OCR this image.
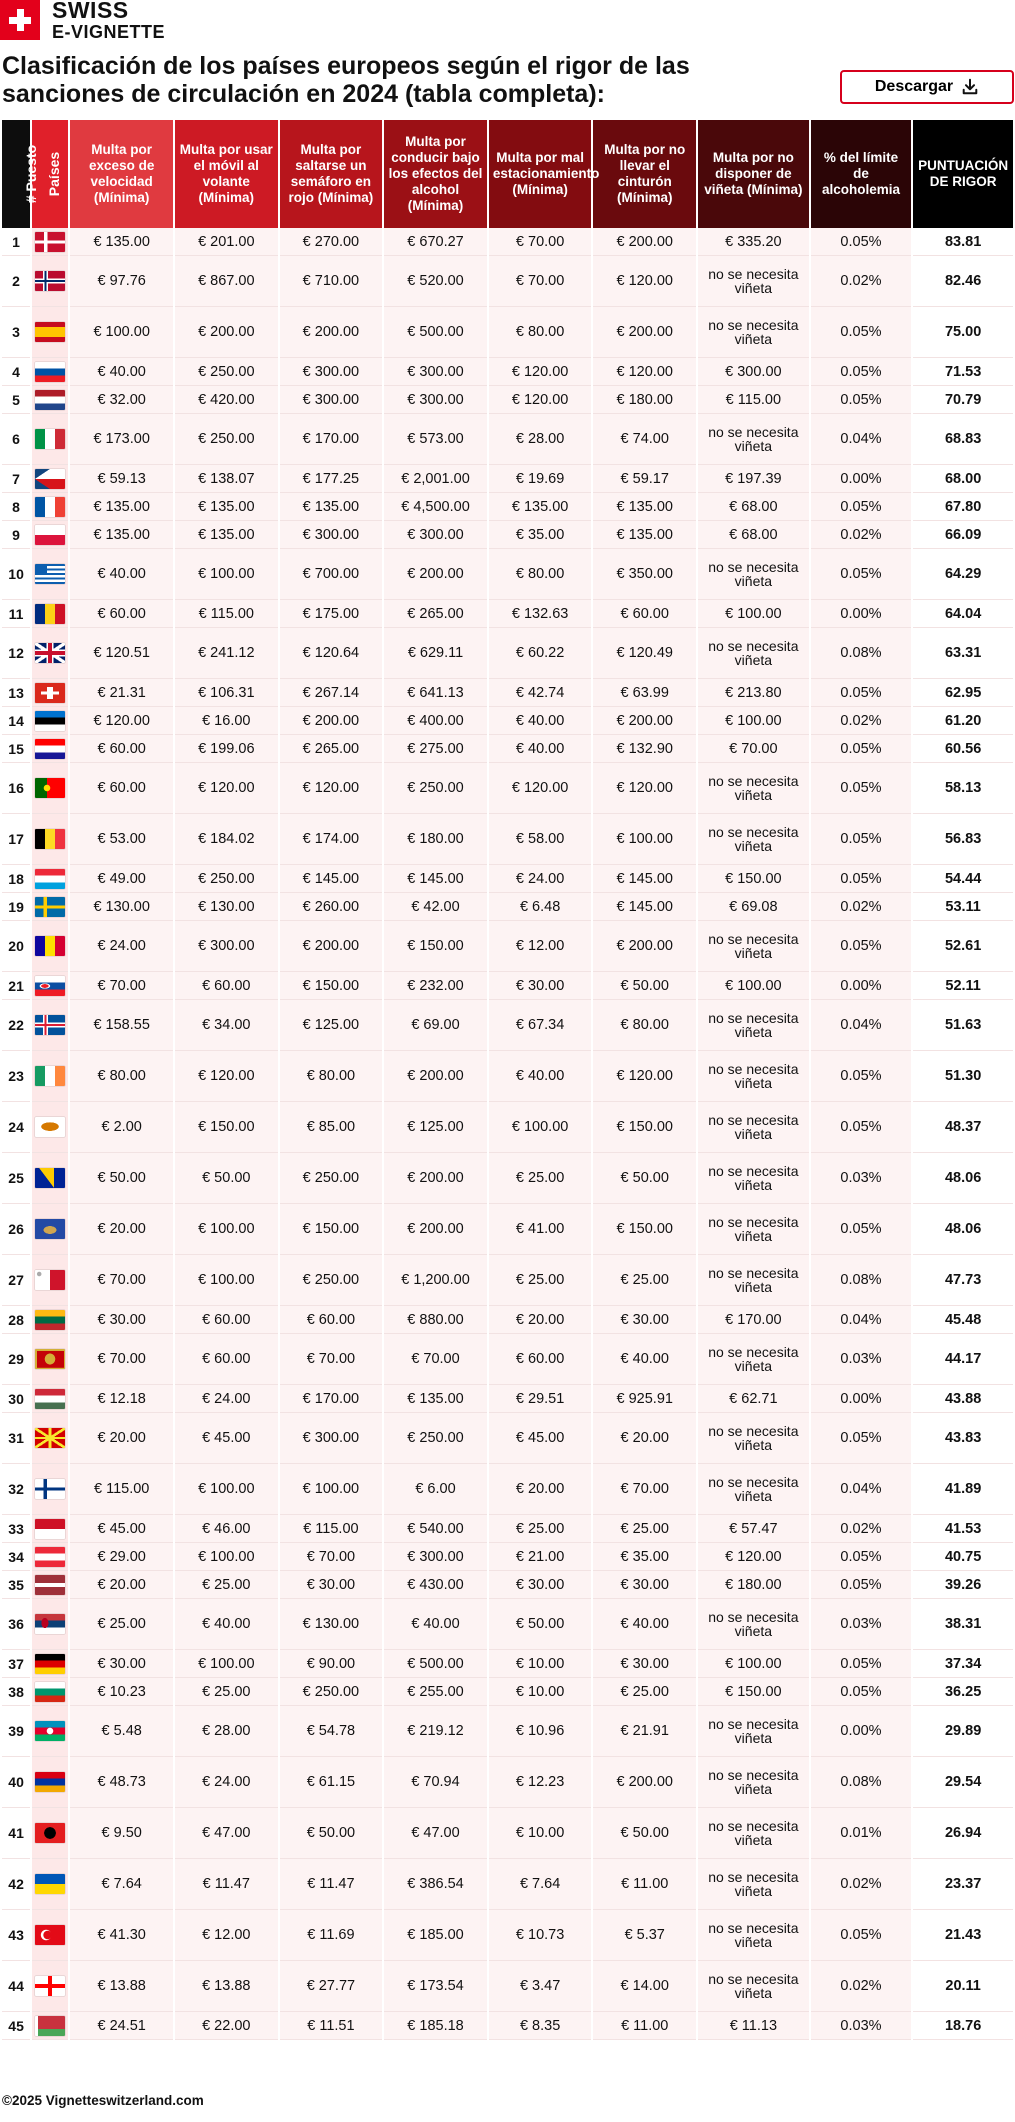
SWISS
E-VIGNETTE
Clasificación de los países europeos según el rigor de las sanciones de circulación en 2024 (tabla completa):	Descargar
# Puesto	Países	Multa por exceso de velocidad (Mínima)	Multa por usar el móvil al volante (Mínima)	Multa por saltarse un semáforo en rojo (Mínima)	Multa por conducir bajo los efectos del alcohol (Mínima)	Multa por mal estacionamiento (Mínima)	Multa por no llevar el cinturón (Mínima)	Multa por no disponer de viñeta (Mínima)	% del límite de alcoholemia	PUNTUACIÓN DE RIGOR
1		€ 135.00	€ 201.00	€ 270.00	€ 670.27	€ 70.00	€ 200.00	€ 335.20	0.05%	83.81
2		€ 97.76	€ 867.00	€ 710.00	€ 520.00	€ 70.00	€ 120.00	no se necesita viñeta	0.02%	82.46
3		€ 100.00	€ 200.00	€ 200.00	€ 500.00	€ 80.00	€ 200.00	no se necesita viñeta	0.05%	75.00
4		€ 40.00	€ 250.00	€ 300.00	€ 300.00	€ 120.00	€ 120.00	€ 300.00	0.05%	71.53
5		€ 32.00	€ 420.00	€ 300.00	€ 300.00	€ 120.00	€ 180.00	€ 115.00	0.05%	70.79
6		€ 173.00	€ 250.00	€ 170.00	€ 573.00	€ 28.00	€ 74.00	no se necesita viñeta	0.04%	68.83
7		€ 59.13	€ 138.07	€ 177.25	€ 2,001.00	€ 19.69	€ 59.17	€ 197.39	0.00%	68.00
8		€ 135.00	€ 135.00	€ 135.00	€ 4,500.00	€ 135.00	€ 135.00	€ 68.00	0.05%	67.80
9		€ 135.00	€ 135.00	€ 300.00	€ 300.00	€ 35.00	€ 135.00	€ 68.00	0.02%	66.09
10		€ 40.00	€ 100.00	€ 700.00	€ 200.00	€ 80.00	€ 350.00	no se necesita viñeta	0.05%	64.29
11		€ 60.00	€ 115.00	€ 175.00	€ 265.00	€ 132.63	€ 60.00	€ 100.00	0.00%	64.04
12		€ 120.51	€ 241.12	€ 120.64	€ 629.11	€ 60.22	€ 120.49	no se necesita viñeta	0.08%	63.31
13		€ 21.31	€ 106.31	€ 267.14	€ 641.13	€ 42.74	€ 63.99	€ 213.80	0.05%	62.95
14		€ 120.00	€ 16.00	€ 200.00	€ 400.00	€ 40.00	€ 200.00	€ 100.00	0.02%	61.20
15		€ 60.00	€ 199.06	€ 265.00	€ 275.00	€ 40.00	€ 132.90	€ 70.00	0.05%	60.56
16		€ 60.00	€ 120.00	€ 120.00	€ 250.00	€ 120.00	€ 120.00	no se necesita viñeta	0.05%	58.13
17		€ 53.00	€ 184.02	€ 174.00	€ 180.00	€ 58.00	€ 100.00	no se necesita viñeta	0.05%	56.83
18		€ 49.00	€ 250.00	€ 145.00	€ 145.00	€ 24.00	€ 145.00	€ 150.00	0.05%	54.44
19		€ 130.00	€ 130.00	€ 260.00	€ 42.00	€ 6.48	€ 145.00	€ 69.08	0.02%	53.11
20		€ 24.00	€ 300.00	€ 200.00	€ 150.00	€ 12.00	€ 200.00	no se necesita viñeta	0.05%	52.61
21		€ 70.00	€ 60.00	€ 150.00	€ 232.00	€ 30.00	€ 50.00	€ 100.00	0.00%	52.11
22		€ 158.55	€ 34.00	€ 125.00	€ 69.00	€ 67.34	€ 80.00	no se necesita viñeta	0.04%	51.63
23		€ 80.00	€ 120.00	€ 80.00	€ 200.00	€ 40.00	€ 120.00	no se necesita viñeta	0.05%	51.30
24		€ 2.00	€ 150.00	€ 85.00	€ 125.00	€ 100.00	€ 150.00	no se necesita viñeta	0.05%	48.37
25		€ 50.00	€ 50.00	€ 250.00	€ 200.00	€ 25.00	€ 50.00	no se necesita viñeta	0.03%	48.06
26		€ 20.00	€ 100.00	€ 150.00	€ 200.00	€ 41.00	€ 150.00	no se necesita viñeta	0.05%	48.06
27		€ 70.00	€ 100.00	€ 250.00	€ 1,200.00	€ 25.00	€ 25.00	no se necesita viñeta	0.08%	47.73
28		€ 30.00	€ 60.00	€ 60.00	€ 880.00	€ 20.00	€ 30.00	€ 170.00	0.04%	45.48
29		€ 70.00	€ 60.00	€ 70.00	€ 70.00	€ 60.00	€ 40.00	no se necesita viñeta	0.03%	44.17
30		€ 12.18	€ 24.00	€ 170.00	€ 135.00	€ 29.51	€ 925.91	€ 62.71	0.00%	43.88
31		€ 20.00	€ 45.00	€ 300.00	€ 250.00	€ 45.00	€ 20.00	no se necesita viñeta	0.05%	43.83
32		€ 115.00	€ 100.00	€ 100.00	€ 6.00	€ 20.00	€ 70.00	no se necesita viñeta	0.04%	41.89
33		€ 45.00	€ 46.00	€ 115.00	€ 540.00	€ 25.00	€ 25.00	€ 57.47	0.02%	41.53
34		€ 29.00	€ 100.00	€ 70.00	€ 300.00	€ 21.00	€ 35.00	€ 120.00	0.05%	40.75
35		€ 20.00	€ 25.00	€ 30.00	€ 430.00	€ 30.00	€ 30.00	€ 180.00	0.05%	39.26
36		€ 25.00	€ 40.00	€ 130.00	€ 40.00	€ 50.00	€ 40.00	no se necesita viñeta	0.03%	38.31
37		€ 30.00	€ 100.00	€ 90.00	€ 500.00	€ 10.00	€ 30.00	€ 100.00	0.05%	37.34
38		€ 10.23	€ 25.00	€ 250.00	€ 255.00	€ 10.00	€ 25.00	€ 150.00	0.05%	36.25
39		€ 5.48	€ 28.00	€ 54.78	€ 219.12	€ 10.96	€ 21.91	no se necesita viñeta	0.00%	29.89
40		€ 48.73	€ 24.00	€ 61.15	€ 70.94	€ 12.23	€ 200.00	no se necesita viñeta	0.08%	29.54
41		€ 9.50	€ 47.00	€ 50.00	€ 47.00	€ 10.00	€ 50.00	no se necesita viñeta	0.01%	26.94
42		€ 7.64	€ 11.47	€ 11.47	€ 386.54	€ 7.64	€ 11.00	no se necesita viñeta	0.02%	23.37
43		€ 41.30	€ 12.00	€ 11.69	€ 185.00	€ 10.73	€ 5.37	no se necesita viñeta	0.05%	21.43
44		€ 13.88	€ 13.88	€ 27.77	€ 173.54	€ 3.47	€ 14.00	no se necesita viñeta	0.02%	20.11
45		€ 24.51	€ 22.00	€ 11.51	€ 185.18	€ 8.35	€ 11.00	€ 11.13	0.03%	18.76
©2025 Vignetteswitzerland.com
